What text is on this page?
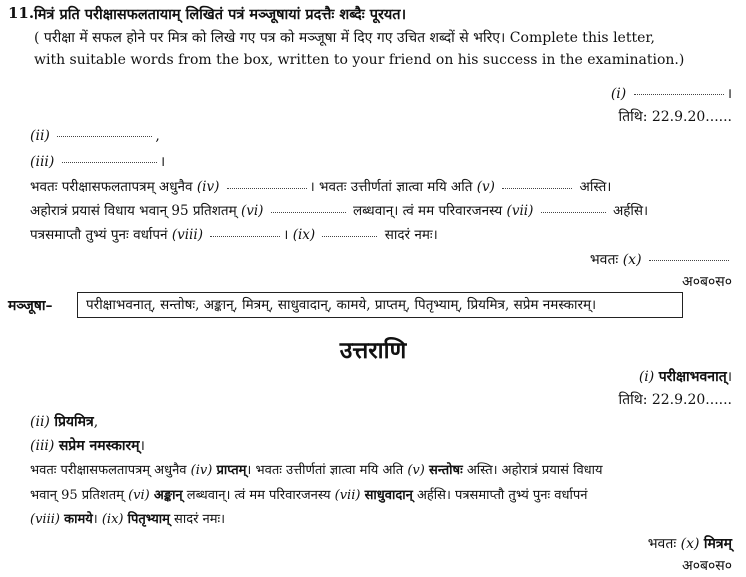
11. मित्रं प्रति परीक्षासफलतायाम् लिखितं पत्रं मञ्जूषायां प्रदत्तैः शब्दैः पूरयत।
( परीक्षा में सफल होने पर मित्र को लिखे गए पत्र को मञ्जूषा में दिए गए उचित शब्दों से भरिए। Complete this letter,
with suitable words from the box, written to your friend on his success in the examination.)
(i)	।
तिथि: 22.9.20......
(ii)	,
(iii)	।
भवतः परीक्षासफलतापत्रम् अधुनैव (iv)	। भवतः उत्तीर्णतां ज्ञात्वा मयि अति (v)	अस्ति।
अहोरात्रं प्रयासं विधाय भवान् 95 प्रतिशतम् (vi)	लब्धवान्। त्वं मम परिवारजनस्य (vii)	अर्हसि।
पत्रसमाप्तौ तुभ्यं पुनः वर्धापनं (viii)	। (ix)	सादरं नमः।
भवतः (x)
अ०ब०स०
मञ्जूषा–	परीक्षाभवनात्, सन्तोषः, अङ्कान्, मित्रम्, साधुवादान्, कामये, प्राप्तम्, पितृभ्याम्, प्रियमित्र, सप्रेम नमस्कारम्।
उत्तराणि
(i) परीक्षाभवनात्।
तिथि: 22.9.20......
(ii) प्रियमित्र,
(iii) सप्रेम नमस्कारम्।
भवतः परीक्षासफलतापत्रम् अधुनैव (iv) प्राप्तम्। भवतः उत्तीर्णतां ज्ञात्वा मयि अति (v) सन्तोषः अस्ति। अहोरात्रं प्रयासं विधाय
भवान् 95 प्रतिशतम् (vi) अङ्कान् लब्धवान्। त्वं मम परिवारजनस्य (vii) साधुवादान् अर्हसि। पत्रसमाप्तौ तुभ्यं पुनः वर्धापनं
(viii) कामये। (ix) पितृभ्याम् सादरं नमः।
भवतः (x) मित्रम्
अ०ब०स०
